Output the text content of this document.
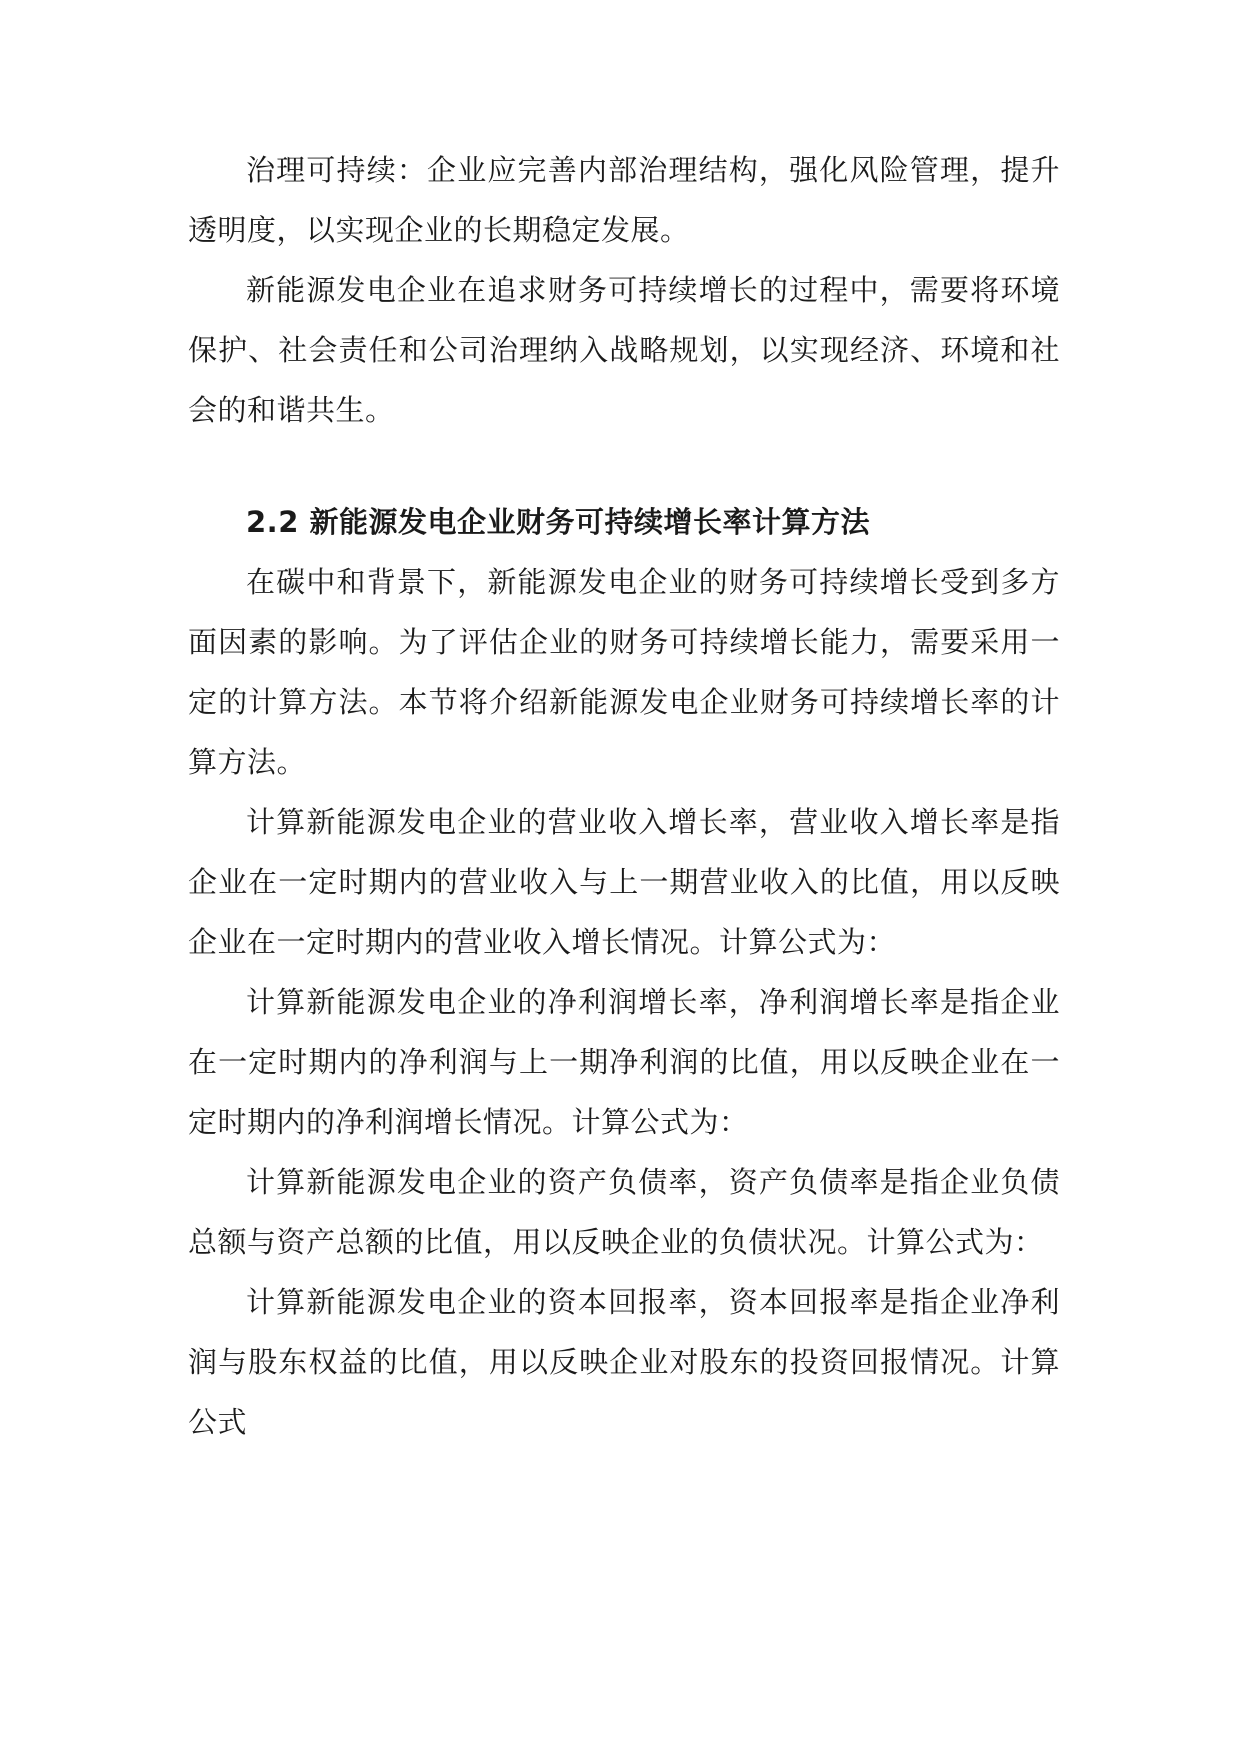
治理可持续：企业应完善内部治理结构，强化风险管理，提升透明度，以实现企业的长期稳定发展。

新能源发电企业在追求财务可持续增长的过程中，需要将环境保护、社会责任和公司治理纳入战略规划，以实现经济、环境和社会的和谐共生。

2.2 新能源发电企业财务可持续增长率计算方法

在碳中和背景下，新能源发电企业的财务可持续增长受到多方面因素的影响。为了评估企业的财务可持续增长能力，需要采用一定的计算方法。本节将介绍新能源发电企业财务可持续增长率的计算方法。

计算新能源发电企业的营业收入增长率，营业收入增长率是指企业在一定时期内的营业收入与上一期营业收入的比值，用以反映企业在一定时期内的营业收入增长情况。计算公式为：

计算新能源发电企业的净利润增长率，净利润增长率是指企业在一定时期内的净利润与上一期净利润的比值，用以反映企业在一定时期内的净利润增长情况。计算公式为：

计算新能源发电企业的资产负债率，资产负债率是指企业负债总额与资产总额的比值，用以反映企业的负债状况。计算公式为：

计算新能源发电企业的资本回报率，资本回报率是指企业净利润与股东权益的比值，用以反映企业对股东的投资回报情况。计算公式
